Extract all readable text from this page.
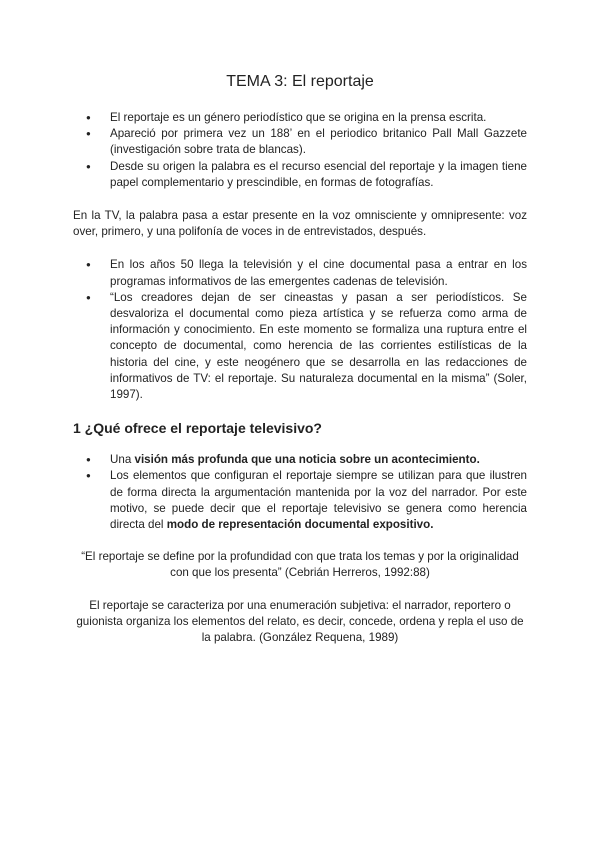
TEMA 3: El reportaje
● El reportaje es un género periodístico que se origina en la prensa escrita.
● Apareció por primera vez un 188’ en el periodico britanico Pall Mall Gazzete (investigación sobre trata de blancas).
● Desde su origen la palabra es el recurso esencial del reportaje y la imagen tiene papel complementario y prescindible, en formas de fotografías.

En la TV, la palabra pasa a estar presente en la voz omnisciente y omnipresente: voz over, primero, y una polifonía de voces in de entrevistados, después.

● En los años 50 llega la televisión y el cine documental pasa a entrar en los programas informativos de las emergentes cadenas de televisión.
● “Los creadores dejan de ser cineastas y pasan a ser periodísticos. Se desvaloriza el documental como pieza artística y se refuerza como arma de información y conocimiento. En este momento se formaliza una ruptura entre el concepto de documental, como herencia de las corrientes estilísticas de la historia del cine, y este neogénero que se desarrolla en las redacciones de informativos de TV: el reportaje. Su naturaleza documental en la misma” (Soler, 1997).
1 ¿Qué ofrece el reportaje televisivo?
● Una visión más profunda que una noticia sobre un acontecimiento.
● Los elementos que configuran el reportaje siempre se utilizan para que ilustren de forma directa la argumentación mantenida por la voz del narrador. Por este motivo, se puede decir que el reportaje televisivo se genera como herencia directa del modo de representación documental expositivo.

“El reportaje se define por la profundidad con que trata los temas y por la originalidad con que los presenta” (Cebrián Herreros, 1992:88)

El reportaje se caracteriza por una enumeración subjetiva: el narrador, reportero o guionista organiza los elementos del relato, es decir, concede, ordena y repla el uso de la palabra. (González Requena, 1989)
